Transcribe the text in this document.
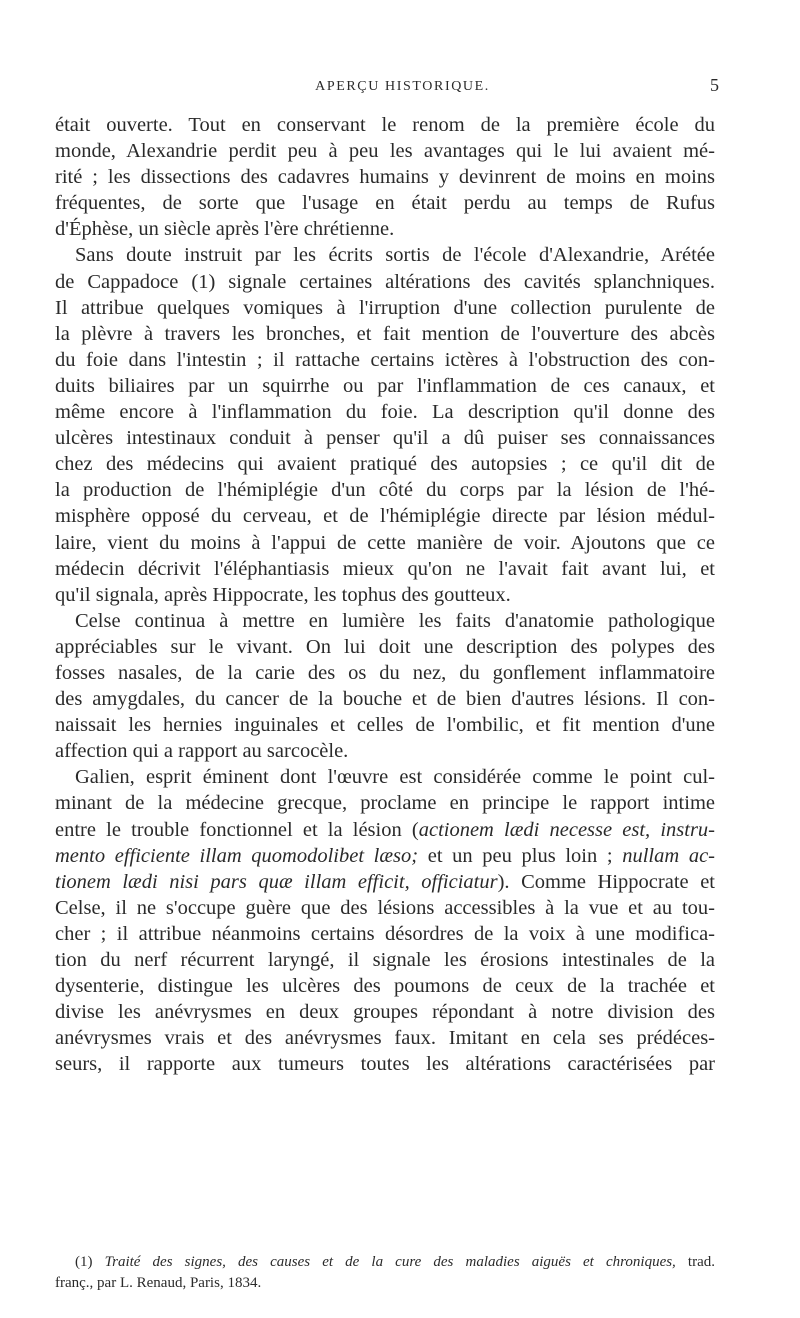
APERÇU HISTORIQUE.	5
était ouverte. Tout en conservant le renom de la première école du
monde, Alexandrie perdit peu à peu les avantages qui le lui avaient mé-
rité ; les dissections des cadavres humains y devinrent de moins en moins
fréquentes, de sorte que l'usage en était perdu au temps de Rufus
d'Éphèse, un siècle après l'ère chrétienne.
Sans doute instruit par les écrits sortis de l'école d'Alexandrie, Arétée
de Cappadoce (1) signale certaines altérations des cavités splanchniques.
Il attribue quelques vomiques à l'irruption d'une collection purulente de
la plèvre à travers les bronches, et fait mention de l'ouverture des abcès
du foie dans l'intestin ; il rattache certains ictères à l'obstruction des con-
duits biliaires par un squirrhe ou par l'inflammation de ces canaux, et
même encore à l'inflammation du foie. La description qu'il donne des
ulcères intestinaux conduit à penser qu'il a dû puiser ses connaissances
chez des médecins qui avaient pratiqué des autopsies ; ce qu'il dit de
la production de l'hémiplégie d'un côté du corps par la lésion de l'hé-
misphère opposé du cerveau, et de l'hémiplégie directe par lésion médul-
laire, vient du moins à l'appui de cette manière de voir. Ajoutons que ce
médecin décrivit l'éléphantiasis mieux qu'on ne l'avait fait avant lui, et
qu'il signala, après Hippocrate, les tophus des goutteux.
Celse continua à mettre en lumière les faits d'anatomie pathologique
appréciables sur le vivant. On lui doit une description des polypes des
fosses nasales, de la carie des os du nez, du gonflement inflammatoire
des amygdales, du cancer de la bouche et de bien d'autres lésions. Il con-
naissait les hernies inguinales et celles de l'ombilic, et fit mention d'une
affection qui a rapport au sarcocèle.
Galien, esprit éminent dont l'œuvre est considérée comme le point cul-
minant de la médecine grecque, proclame en principe le rapport intime
entre le trouble fonctionnel et la lésion (actionem lædi necesse est, instru-
mento efficiente illam quomodolibet læso; et un peu plus loin ; nullam ac-
tionem lædi nisi pars quæ illam efficit, officiatur). Comme Hippocrate et
Celse, il ne s'occupe guère que des lésions accessibles à la vue et au tou-
cher ; il attribue néanmoins certains désordres de la voix à une modifica-
tion du nerf récurrent laryngé, il signale les érosions intestinales de la
dysenterie, distingue les ulcères des poumons de ceux de la trachée et
divise les anévrysmes en deux groupes répondant à notre division des
anévrysmes vrais et des anévrysmes faux. Imitant en cela ses prédéces-
seurs, il rapporte aux tumeurs toutes les altérations caractérisées par
(1) Traité des signes, des causes et de la cure des maladies aiguës et chroniques, trad.
franç., par L. Renaud, Paris, 1834.
